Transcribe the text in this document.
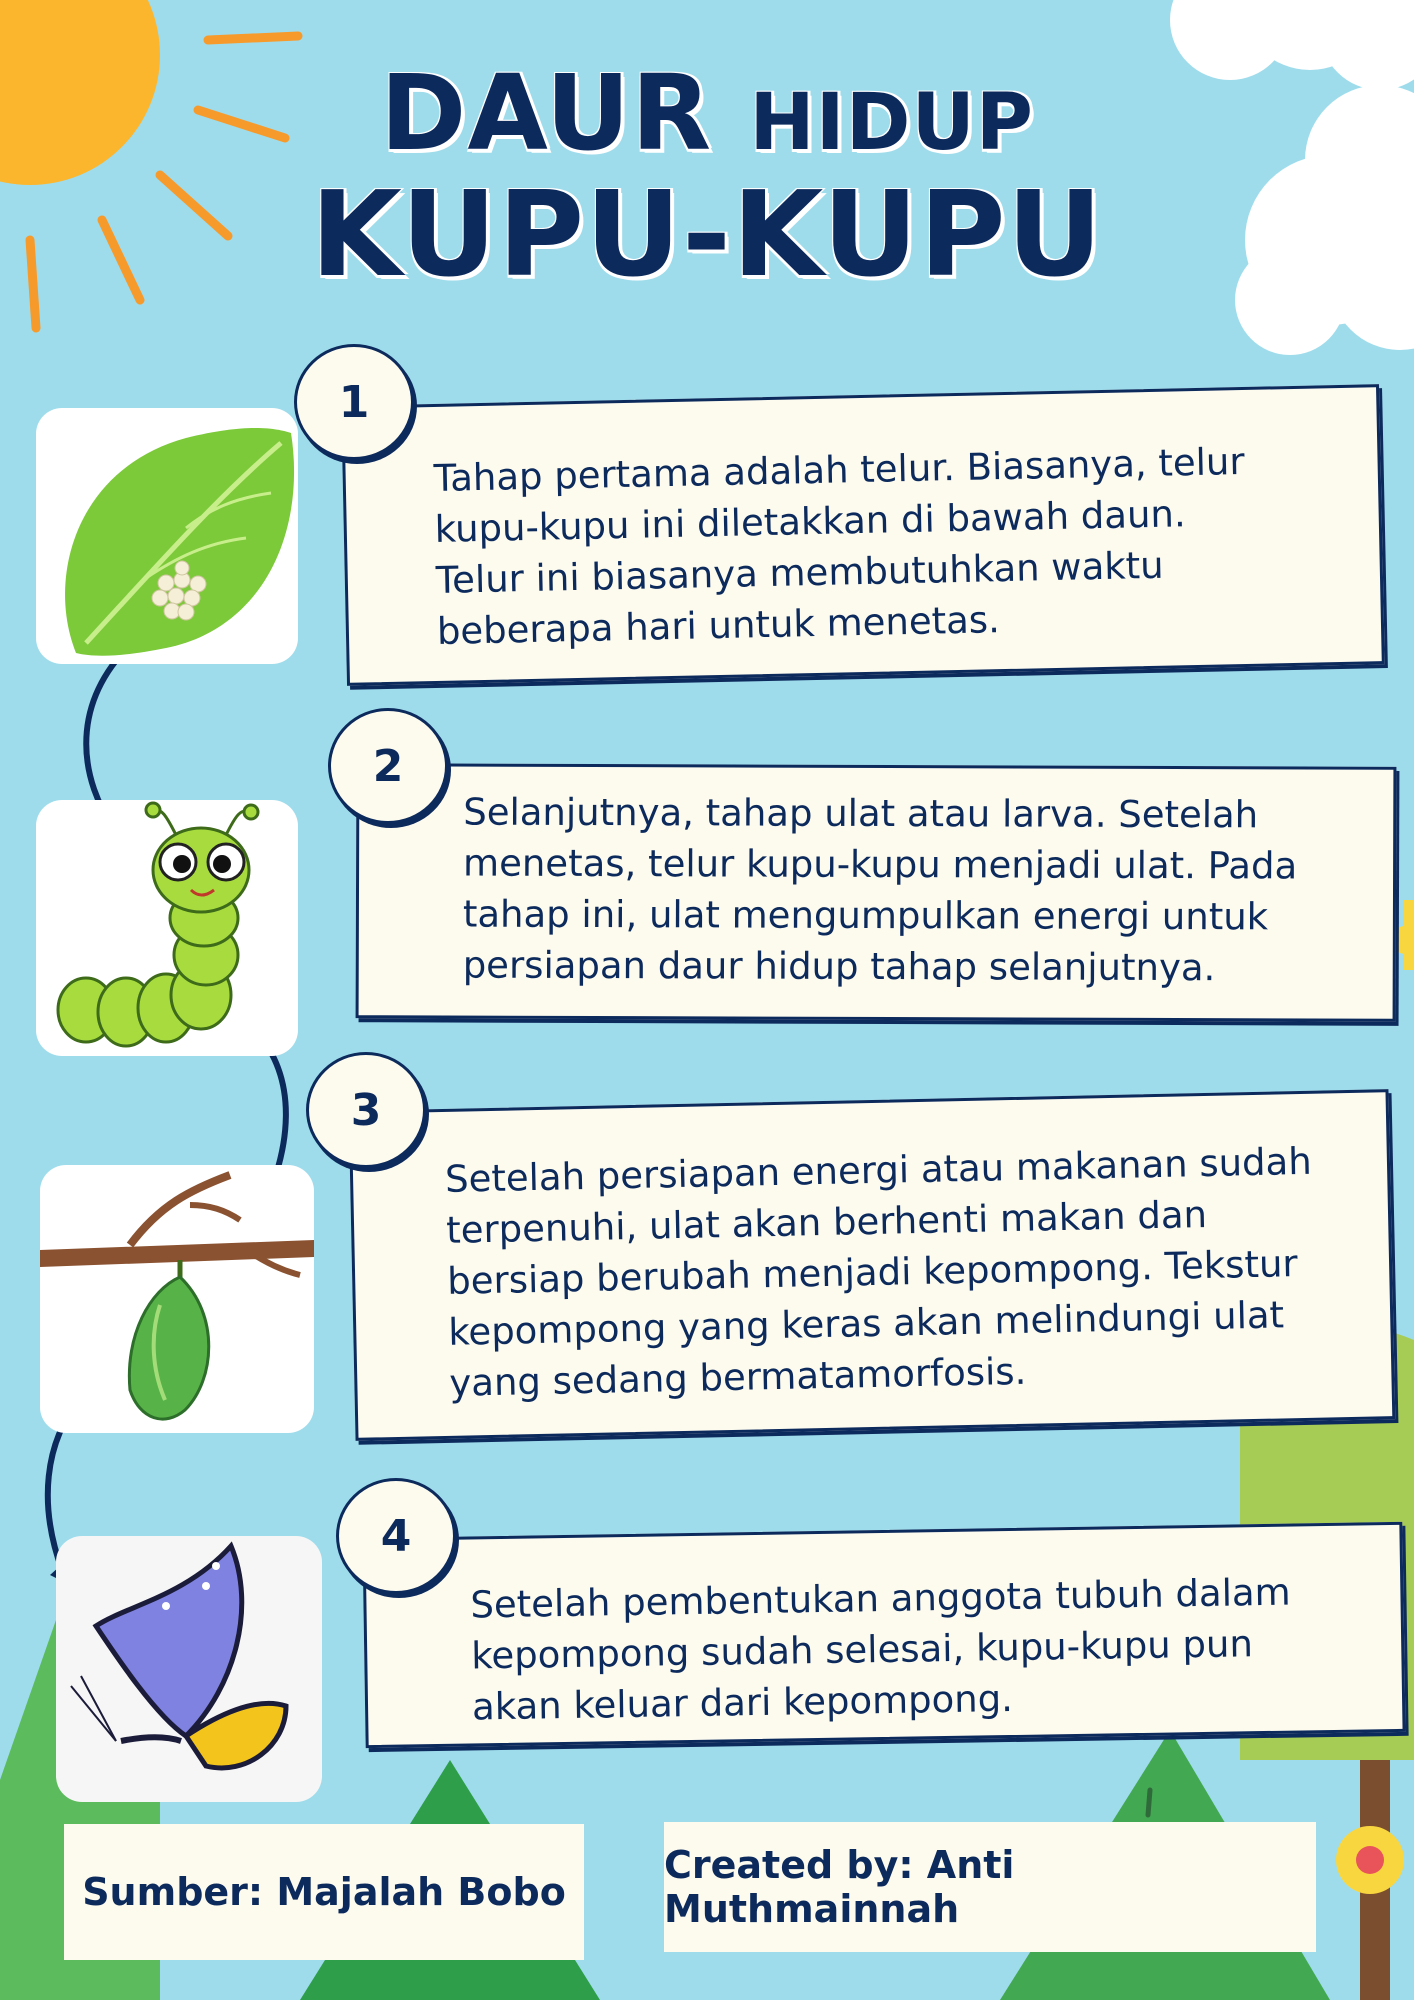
DAUR HIDUP
KUPU-KUPU

Tahap pertama adalah telur. Biasanya, telur

kupu-kupu ini diletakkan di bawah daun.

Telur ini biasanya membutuhkan waktu

beberapa hari untuk menetas.

1

Selanjutnya, tahap ulat atau larva. Setelah

menetas, telur kupu-kupu menjadi ulat. Pada

tahap ini, ulat mengumpulkan energi untuk

persiapan daur hidup tahap selanjutnya.

2

Setelah persiapan energi atau makanan sudah

terpenuhi, ulat akan berhenti makan dan

bersiap berubah menjadi kepompong. Tekstur

kepompong yang keras akan melindungi ulat

yang sedang bermatamorfosis.

3

Setelah pembentukan anggota tubuh dalam

kepompong sudah selesai, kupu-kupu pun

akan keluar dari kepompong.

4
Sumber: Majalah Bobo
Created by: Anti Muthmainnah
